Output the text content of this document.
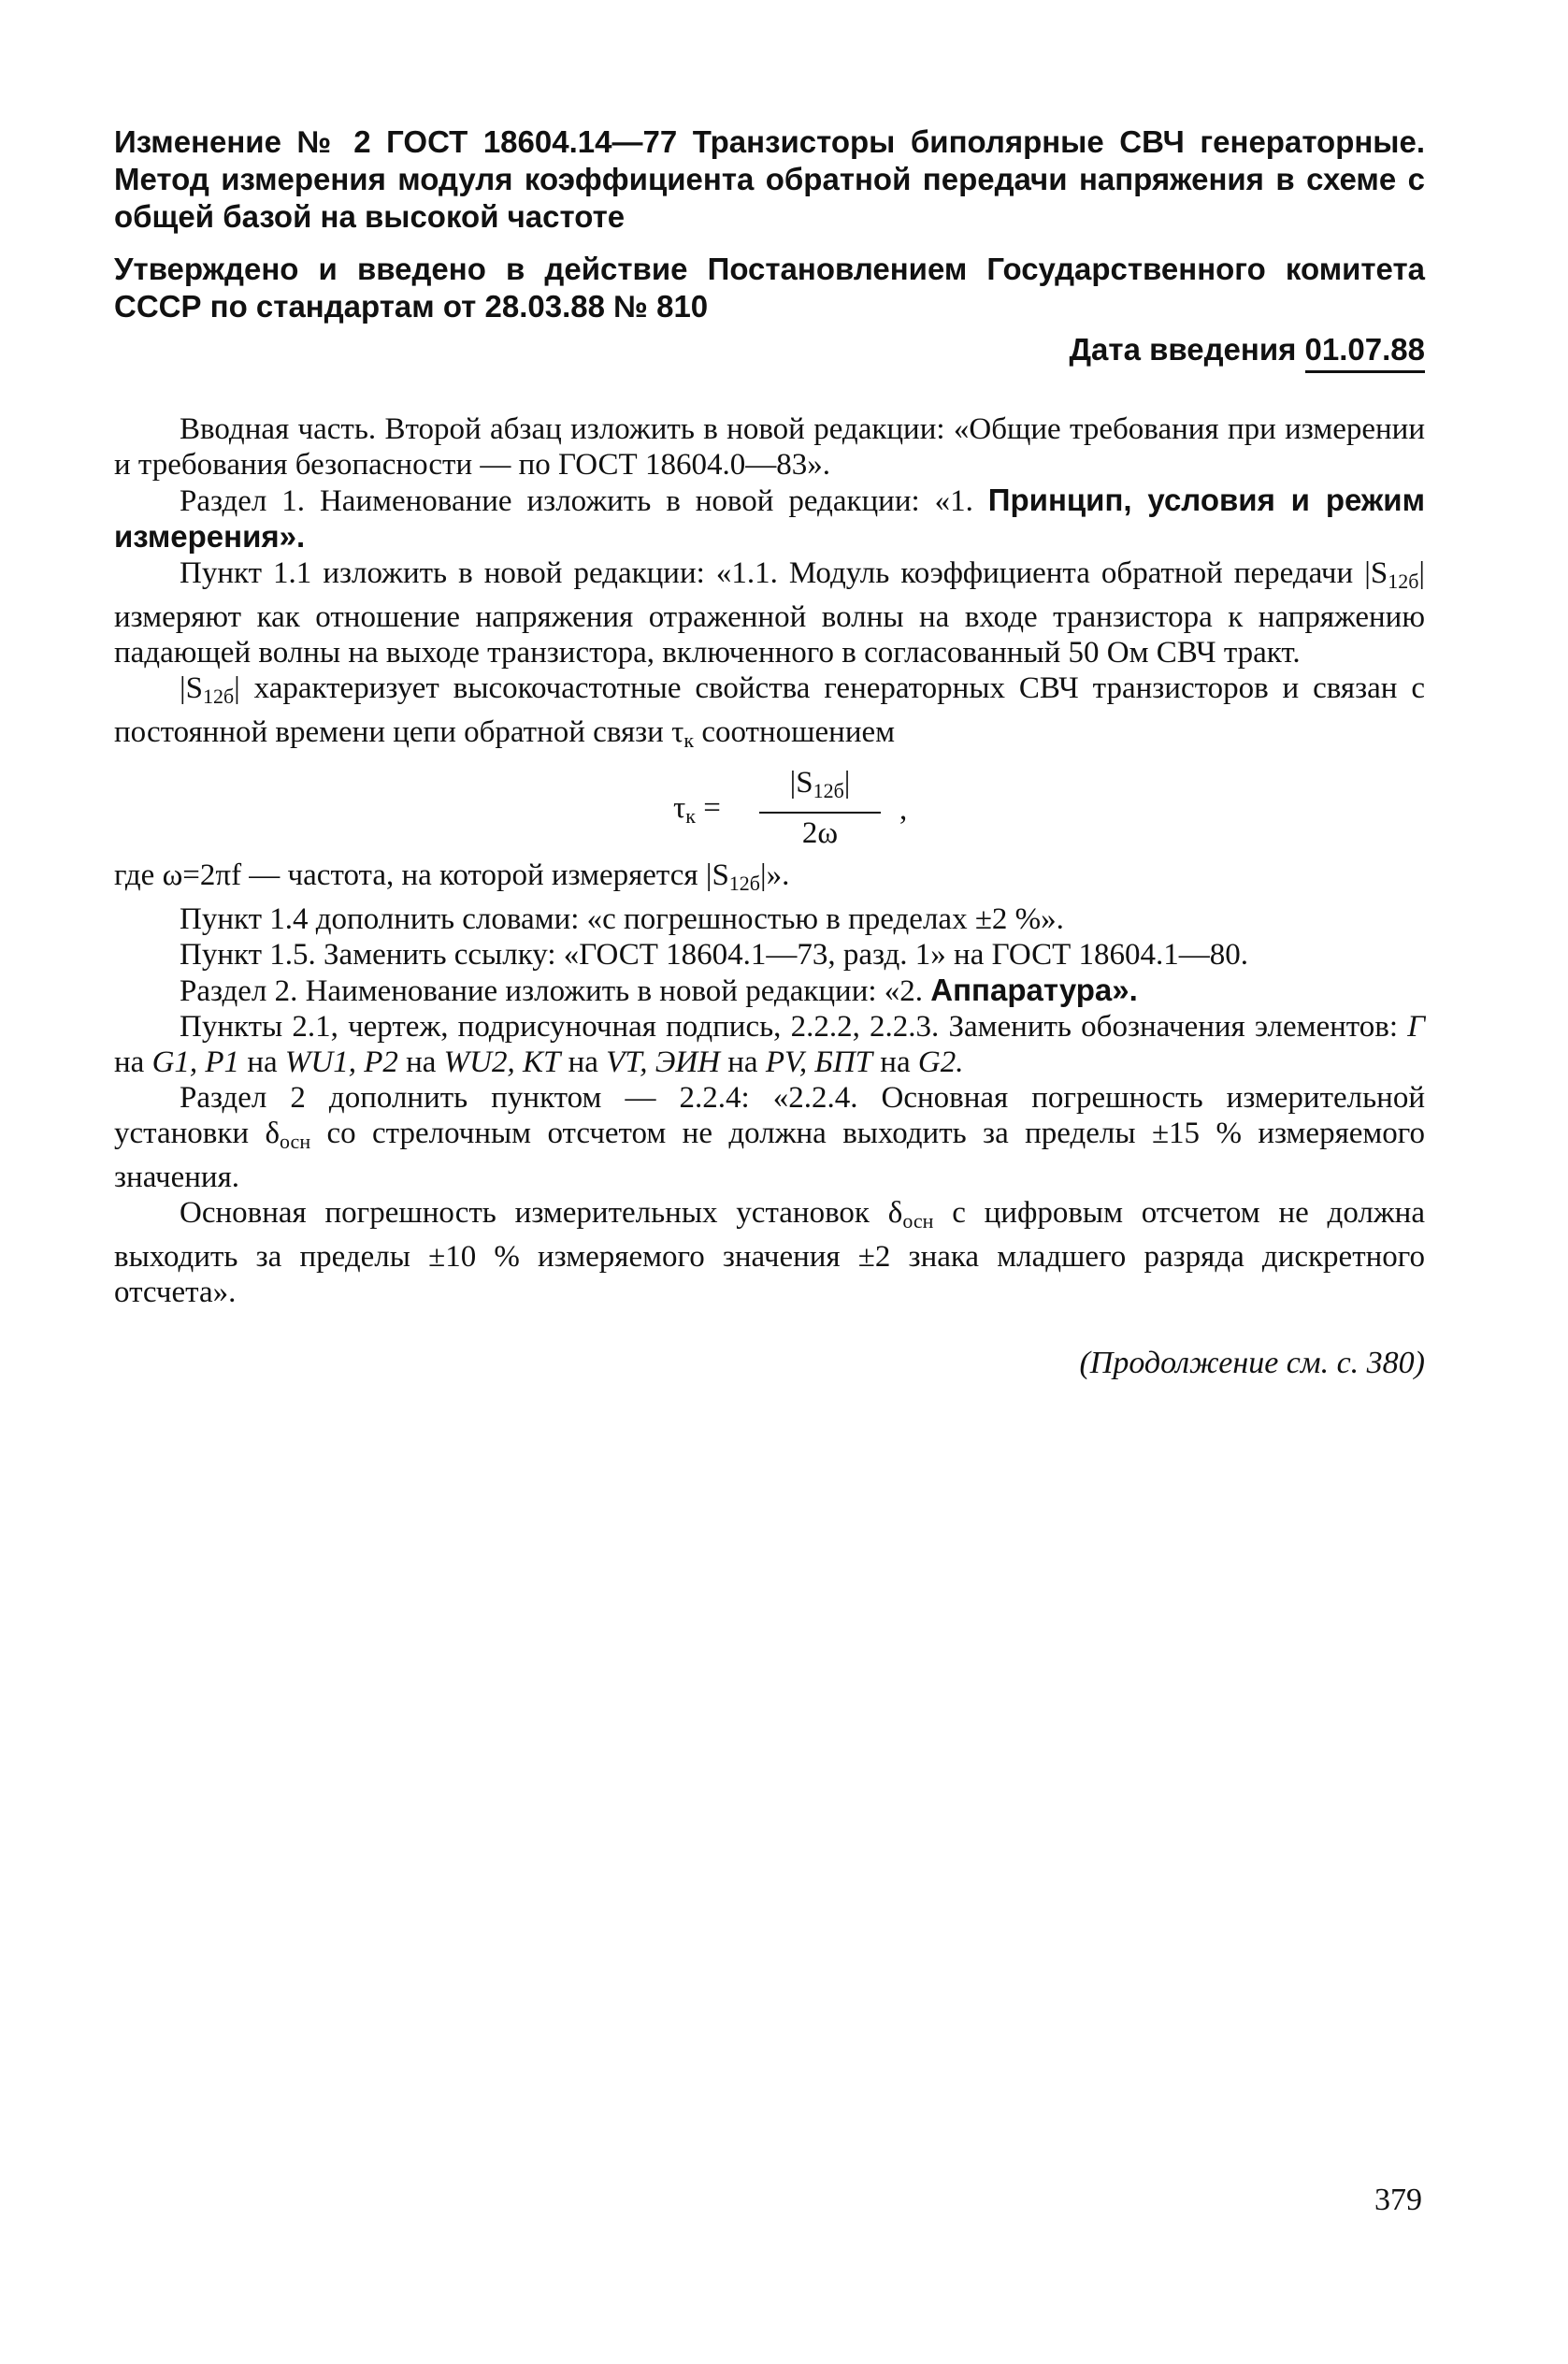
Изменение № 2 ГОСТ 18604.14—77 Транзисторы биполярные СВЧ генераторные. Метод измерения модуля коэффициента обратной передачи напряжения в схеме с общей базой на высокой частоте

Утверждено и введено в действие Постановлением Государственного комитета СССР по стандартам от 28.03.88 № 810

Дата введения 01.07.88

Вводная часть. Второй абзац изложить в новой редакции: «Общие требования при измерении и требования безопасности — по ГОСТ 18604.0—83».

Раздел 1. Наименование изложить в новой редакции: «1. Принцип, условия и режим измерения».

Пункт 1.1 изложить в новой редакции: «1.1. Модуль коэффициента обратной передачи $|S_{12б}|$ измеряют как отношение напряжения отраженной волны на входе транзистора к напряжению падающей волны на выходе транзистора, включенного в согласованный 50 Ом СВЧ тракт.

$|S_{12б}|$ характеризует высокочастотные свойства генераторных СВЧ транзисторов и связан с постоянной времени цепи обратной связи $\tau_к$ соотношением

$\tau_к$ =
$|S_{12б}|$
2ω
,

где ω=2πf — частота, на которой измеряется $|S_{12б}|$».

Пункт 1.4 дополнить словами: «с погрешностью в пределах ±2 %».

Пункт 1.5. Заменить ссылку: «ГОСТ 18604.1—73, разд. 1» на ГОСТ 18604.1—80.

Раздел 2. Наименование изложить в новой редакции: «2. Аппаратура».

Пункты 2.1, чертеж, подрисуночная подпись, 2.2.2, 2.2.3. Заменить обозначения элементов: Г на G1, P1 на WU1, P2 на WU2, KT на VT, ЭИН на PV, БПТ на G2.

Раздел 2 дополнить пунктом — 2.2.4: «2.2.4. Основная погрешность измерительной установки $\delta_{осн}$ со стрелочным отсчетом не должна выходить за пределы ±15 % измеряемого значения.

Основная погрешность измерительных установок $\delta_{осн}$ с цифровым отсчетом не должна выходить за пределы ±10 % измеряемого значения ±2 знака младшего разряда дискретного отсчета».

(Продолжение см. с. 380)
379
